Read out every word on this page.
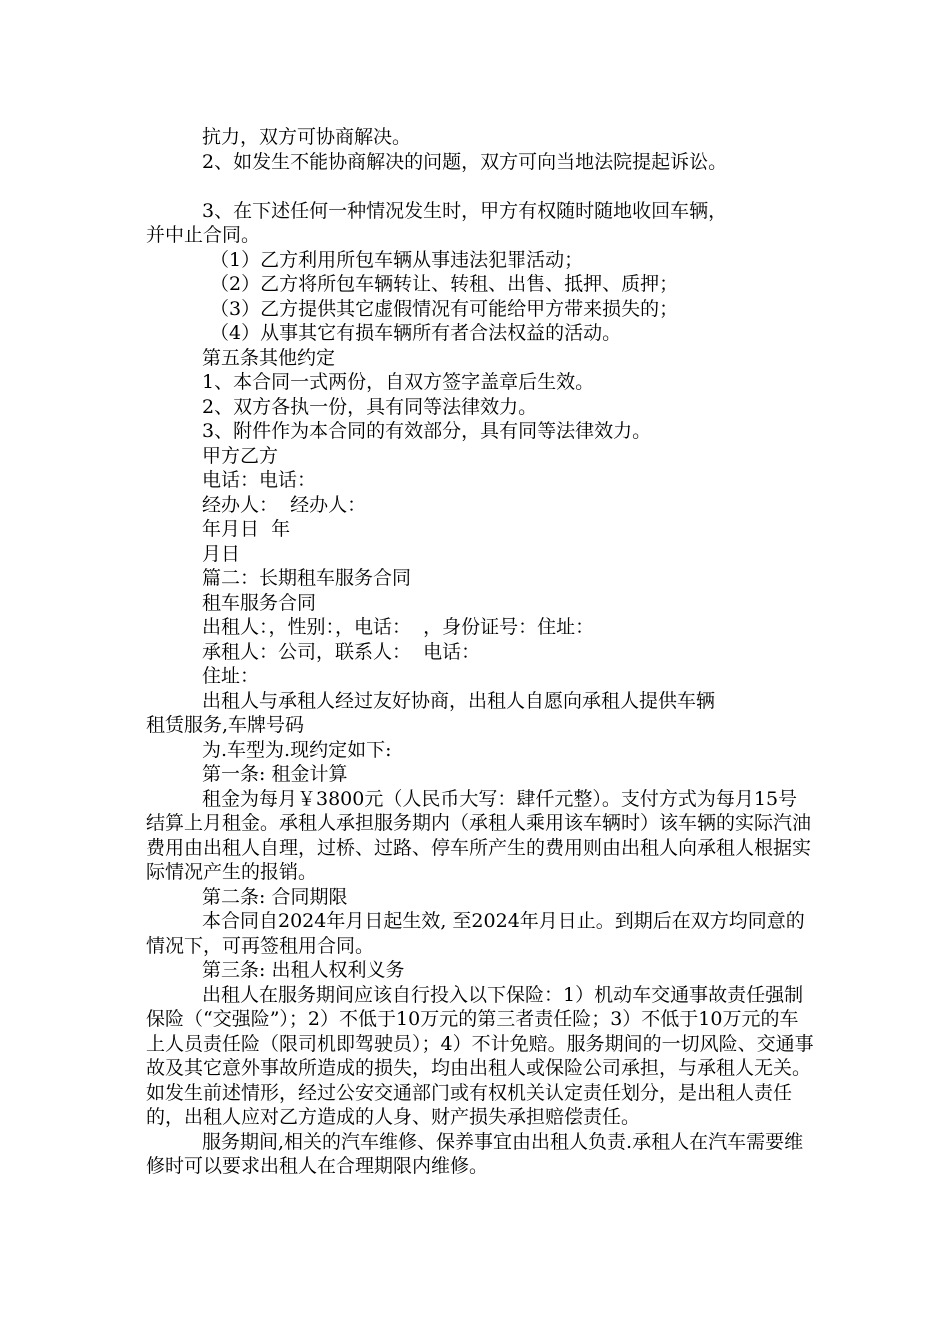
抗力，双方可协商解决。
2、如发生不能协商解决的问题，双方可向当地法院提起诉讼。
3、在下述任何一种情况发生时，甲方有权随时随地收回车辆，
并中止合同。
（1）乙方利用所包车辆从事违法犯罪活动；
（2）乙方将所包车辆转让、转租、出售、抵押、质押；
（3）乙方提供其它虚假情况有可能给甲方带来损失的；
（4）从事其它有损车辆所有者合法权益的活动。
第五条其他约定
1、本合同一式两份，自双方签字盖章后生效。
2、双方各执一份，具有同等法律效力。
3、附件作为本合同的有效部分，具有同等法律效力。
甲方乙方
电话：电话：
经办人：  经办人：
年月日  年
月日
篇二：长期租车服务合同
租车服务合同
出租人：，性别：，电话：  ，身份证号：住址：
承租人：公司，联系人：  电话：
住址：
出租人与承租人经过友好协商，出租人自愿向承租人提供车辆
租赁服务,车牌号码
为.车型为.现约定如下:
第一条: 租金计算
租金为每月￥3800元（人民币大写：肆仟元整）。支付方式为每月15号结算上月租金。承租人承担服务期内（承租人乘用该车辆时）该车辆的实际汽油费用由出租人自理，过桥、过路、停车所产生的费用则由出租人向承租人根据实际情况产生的报销。
第二条: 合同期限
本合同自2024年月日起生效, 至2024年月日止。到期后在双方均同意的情况下，可再签租用合同。
第三条: 出租人权利义务
出租人在服务期间应该自行投入以下保险：1）机动车交通事故责任强制保险（“交强险”）；2）不低于10万元的第三者责任险；3）不低于10万元的车上人员责任险（限司机即驾驶员）；4）不计免赔。服务期间的一切风险、交通事故及其它意外事故所造成的损失，均由出租人或保险公司承担，与承租人无关。 如发生前述情形，经过公安交通部门或有权机关认定责任划分，是出租人责任的，出租人应对乙方造成的人身、财产损失承担赔偿责任。
服务期间,相关的汽车维修、保养事宜由出租人负责.承租人在汽车需要维修时可以要求出租人在合理期限内维修。
